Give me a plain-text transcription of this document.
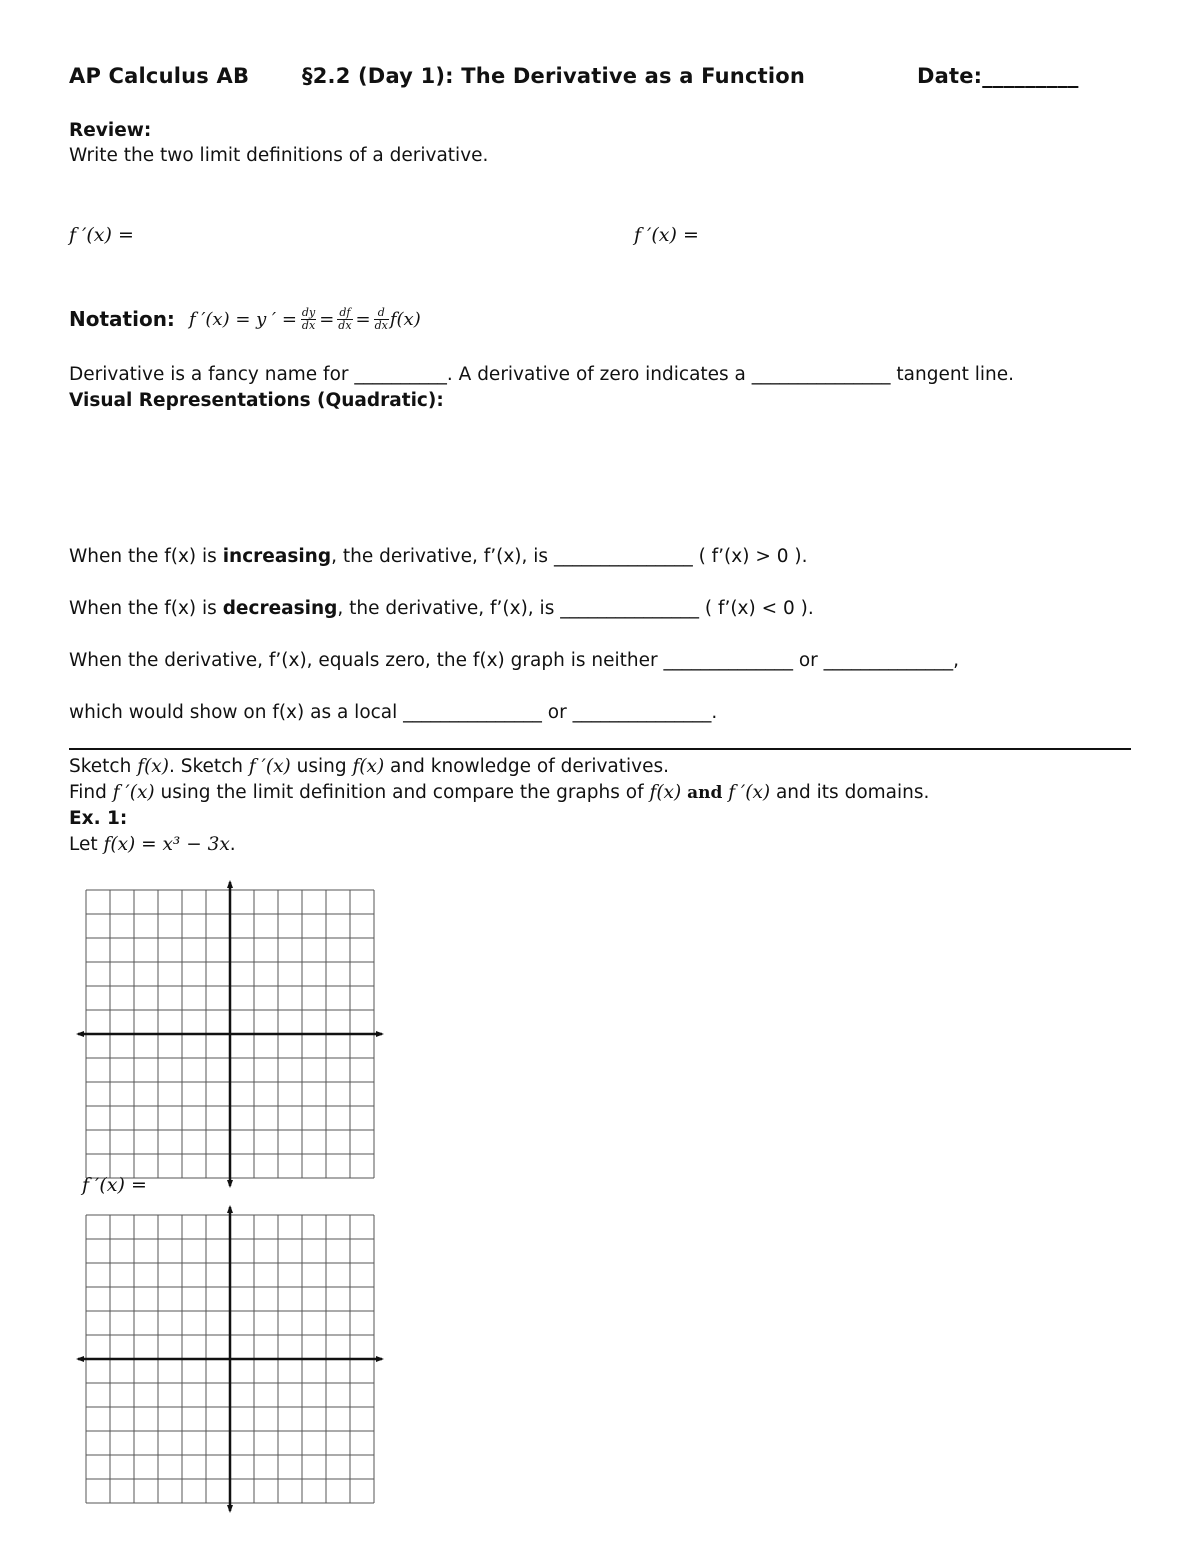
AP Calculus AB	§2.2 (Day 1): The Derivative as a Function	Date:_________
Review:
Write the two limit definitions of a derivative.
f ′(x) =	f ′(x) =
Notation: f ′(x) = y ′ = $\frac{dy}{dx} = \frac{df}{dx} = \frac{d}{dx} f(x)$
Derivative is a fancy name for __________. A derivative of zero indicates a _______________ tangent line.
Visual Representations (Quadratic):
When the f(x) is increasing, the derivative, f’(x), is _______________ ( f’(x) > 0 ).
When the f(x) is decreasing, the derivative, f’(x), is _______________ ( f’(x) < 0 ).
When the derivative, f’(x), equals zero, the f(x) graph is neither ______________ or ______________,
which would show on f(x) as a local _______________ or _______________.
Sketch f(x). Sketch f ′(x) using f(x) and knowledge of derivatives.
Find f ′(x) using the limit definition and compare the graphs of f(x) and f ′(x) and its domains.
Ex. 1:
Let f(x) = x³ − 3x.
f ′(x) =
